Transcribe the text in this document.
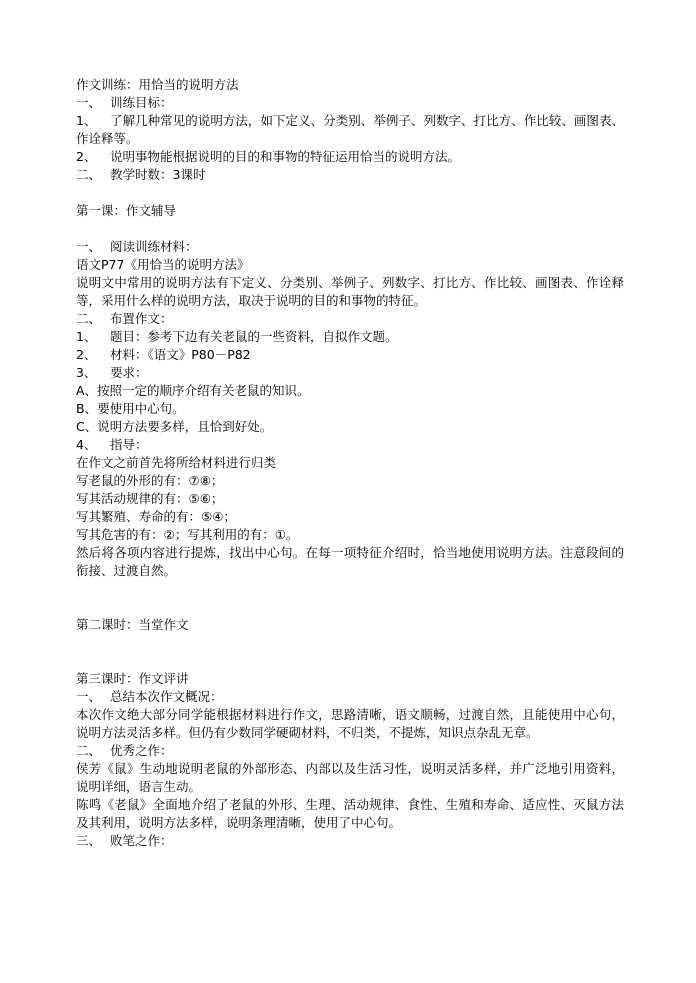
作文训练：用恰当的说明方法
一、 训练目标：
1、 了解几种常见的说明方法，如下定义、分类别、举例子、列数字、打比方、作比较、画图表、作诠释等。
2、 说明事物能根据说明的目的和事物的特征运用恰当的说明方法。
二、 教学时数：3课时
第一课：作文辅导
一、 阅读训练材料：
语文P77《用恰当的说明方法》
说明文中常用的说明方法有下定义、分类别、举例子、列数字、打比方、作比较、画图表、作诠释等，采用什么样的说明方法，取决于说明的目的和事物的特征。
二、 布置作文：
1、 题目：参考下边有关老鼠的一些资料，自拟作文题。
2、 材料：《语文》P80－P82
3、 要求：
A、按照一定的顺序介绍有关老鼠的知识。
B、要使用中心句。
C、说明方法要多样，且恰到好处。
4、 指导：
在作文之前首先将所给材料进行归类
写老鼠的外形的有：⑦⑧；
写其活动规律的有：⑤⑥；
写其繁殖、寿命的有：⑤④；
写其危害的有：②；写其利用的有：①。
然后将各项内容进行提炼，找出中心句。在每一项特征介绍时，恰当地使用说明方法。注意段间的衔接、过渡自然。
第二课时：当堂作文
第三课时：作文评讲
一、 总结本次作文概况：
本次作文绝大部分同学能根据材料进行作文，思路清晰，语文顺畅，过渡自然，且能使用中心句，说明方法灵活多样。但仍有少数同学硬砌材料，不归类，不提炼，知识点杂乱无章。
二、 优秀之作：
侯芳《鼠》生动地说明老鼠的外部形态、内部以及生活习性，说明灵活多样，并广泛地引用资料，说明详细，语言生动。
陈鸣《老鼠》全面地介绍了老鼠的外形、生理、活动规律、食性、生殖和寿命、适应性、灭鼠方法及其利用，说明方法多样，说明条理清晰，使用了中心句。
三、 败笔之作：
